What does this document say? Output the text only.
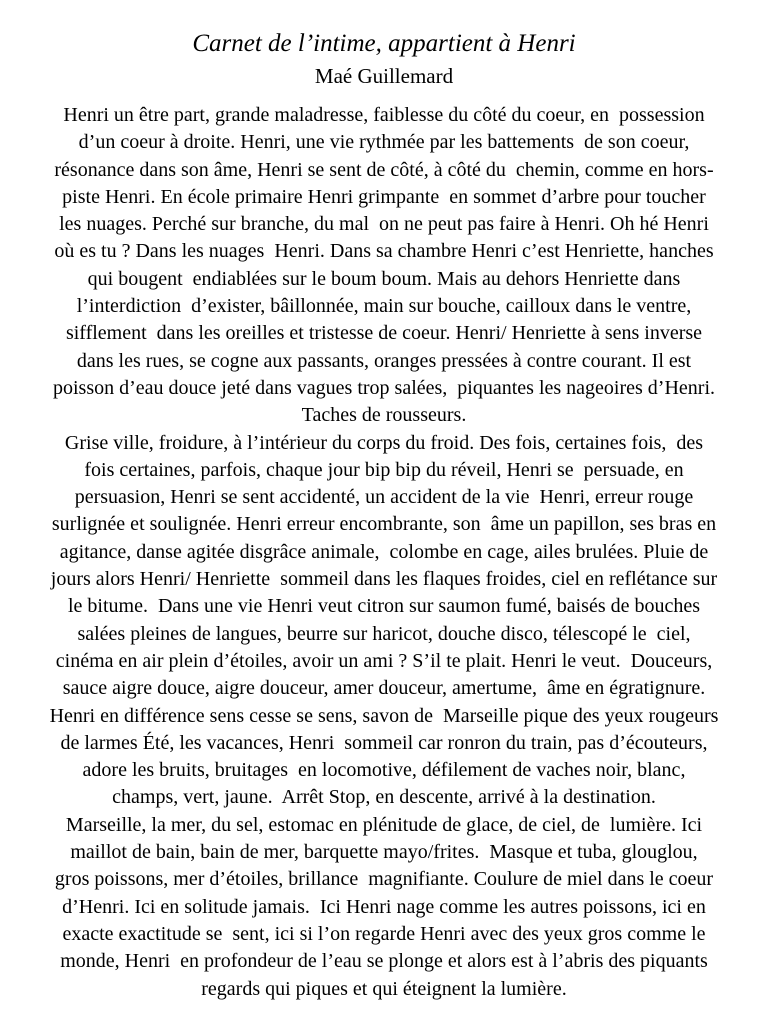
Carnet de l’intime, appartient à Henri
Maé Guillemard
Henri un être part, grande maladresse, faiblesse du côté du coeur, en  possession
d’un coeur à droite. Henri, une vie rythmée par les battements  de son coeur,
résonance dans son âme, Henri se sent de côté, à côté du  chemin, comme en hors-
piste Henri. En école primaire Henri grimpante  en sommet d’arbre pour toucher
les nuages. Perché sur branche, du mal  on ne peut pas faire à Henri. Oh hé Henri
où es tu ? Dans les nuages  Henri. Dans sa chambre Henri c’est Henriette, hanches
qui bougent  endiablées sur le boum boum. Mais au dehors Henriette dans
l’interdiction  d’exister, bâillonnée, main sur bouche, cailloux dans le ventre,
sifflement  dans les oreilles et tristesse de coeur. Henri/ Henriette à sens inverse
dans les rues, se cogne aux passants, oranges pressées à contre courant. Il est
poisson d’eau douce jeté dans vagues trop salées,  piquantes les nageoires d’Henri.
Taches de rousseurs.
Grise ville, froidure, à l’intérieur du corps du froid. Des fois, certaines fois,  des
fois certaines, parfois, chaque jour bip bip du réveil, Henri se  persuade, en
persuasion, Henri se sent accidenté, un accident de la vie  Henri, erreur rouge
surlignée et soulignée. Henri erreur encombrante, son  âme un papillon, ses bras en
agitance, danse agitée disgrâce animale,  colombe en cage, ailes brulées. Pluie de
jours alors Henri/ Henriette  sommeil dans les flaques froides, ciel en reflétance sur
le bitume.  Dans une vie Henri veut citron sur saumon fumé, baisés de bouches
salées pleines de langues, beurre sur haricot, douche disco, télescopé le  ciel,
cinéma en air plein d’étoiles, avoir un ami ? S’il te plait. Henri le veut.  Douceurs,
sauce aigre douce, aigre douceur, amer douceur, amertume,  âme en égratignure.
Henri en différence sens cesse se sens, savon de  Marseille pique des yeux rougeurs
de larmes Été, les vacances, Henri  sommeil car ronron du train, pas d’écouteurs,
adore les bruits, bruitages  en locomotive, défilement de vaches noir, blanc,
champs, vert, jaune.  Arrêt Stop, en descente, arrivé à la destination.
Marseille, la mer, du sel, estomac en plénitude de glace, de ciel, de  lumière. Ici
maillot de bain, bain de mer, barquette mayo/frites.  Masque et tuba, glouglou,
gros poissons, mer d’étoiles, brillance  magnifiante. Coulure de miel dans le coeur
d’Henri. Ici en solitude jamais.  Ici Henri nage comme les autres poissons, ici en
exacte exactitude se  sent, ici si l’on regarde Henri avec des yeux gros comme le
monde, Henri  en profondeur de l’eau se plonge et alors est à l’abris des piquants
regards qui piques et qui éteignent la lumière.
